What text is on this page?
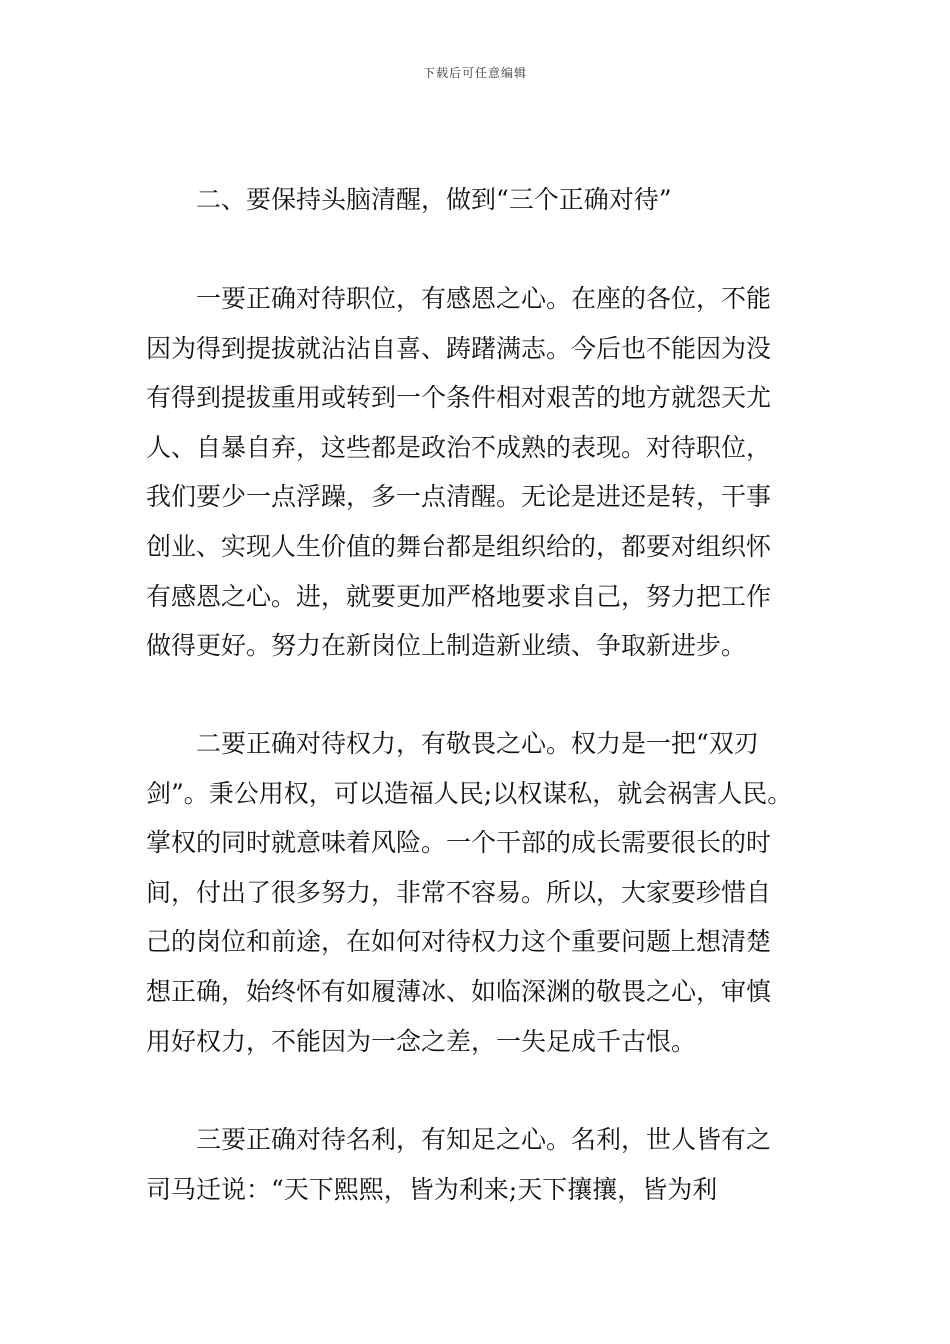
下载后可任意编辑
二、要保持头脑清醒，做到“三个正确对待”
一要正确对待职位，有感恩之心。在座的各位，不能
因为得到提拔就沾沾自喜、踌躇满志。今后也不能因为没
有得到提拔重用或转到一个条件相对艰苦的地方就怨天尤
人、自暴自弃，这些都是政治不成熟的表现。对待职位，
我们要少一点浮躁，多一点清醒。无论是进还是转，干事
创业、实现人生价值的舞台都是组织给的，都要对组织怀
有感恩之心。进，就要更加严格地要求自己，努力把工作
做得更好。努力在新岗位上制造新业绩、争取新进步。
二要正确对待权力，有敬畏之心。权力是一把“双刃
剑”。秉公用权，可以造福人民;以权谋私，就会祸害人民。
掌权的同时就意味着风险。一个干部的成长需要很长的时
间，付出了很多努力，非常不容易。所以，大家要珍惜自
己的岗位和前途，在如何对待权力这个重要问题上想清楚
想正确，始终怀有如履薄冰、如临深渊的敬畏之心，审慎
用好权力，不能因为一念之差，一失足成千古恨。
三要正确对待名利，有知足之心。名利，世人皆有之
司马迁说：“天下熙熙，皆为利来;天下攘攘，皆为利
